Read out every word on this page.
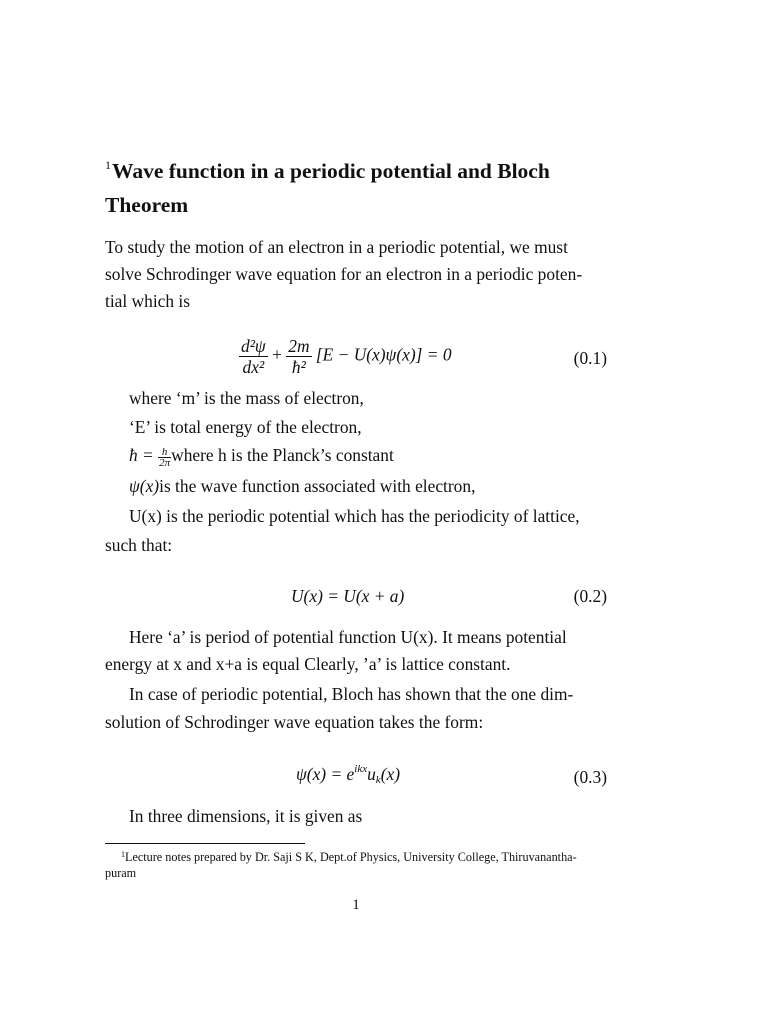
$^1$Wave function in a periodic potential and Bloch Theorem
To study the motion of an electron in a periodic potential, we must
solve Schrodinger wave equation for an electron in a periodic poten-
tial which is
$\frac{\text{d²ψ}}{\text{dx²}} + \frac{2m}{\text{ħ²}} [E - U(x)\psi(x)] = 0$	(0.1)
where ‘m’ is the mass of electron,
‘E’ is total energy of the electron,
ħ = $\frac{h}{2\pi}$ where h is the Planck’s constant
ψ(x)is the wave function associated with electron,
U(x) is the periodic potential which has the periodicity of lattice,
such that:
U(x) = U(x + a)	(0.2)
Here ‘a’ is period of potential function U(x). It means potential
energy at x and x+a is equal Clearly, ’a’ is lattice constant.
In case of periodic potential, Bloch has shown that the one dim-
solution of Schrodinger wave equation takes the form:
$\psi(x) = e^{ikx}u_k(x)$	(0.3)
In three dimensions, it is given as
$^1$Lecture notes prepared by Dr. Saji S K, Dept.of Physics, University College, Thiruvanantha-
puram
1
